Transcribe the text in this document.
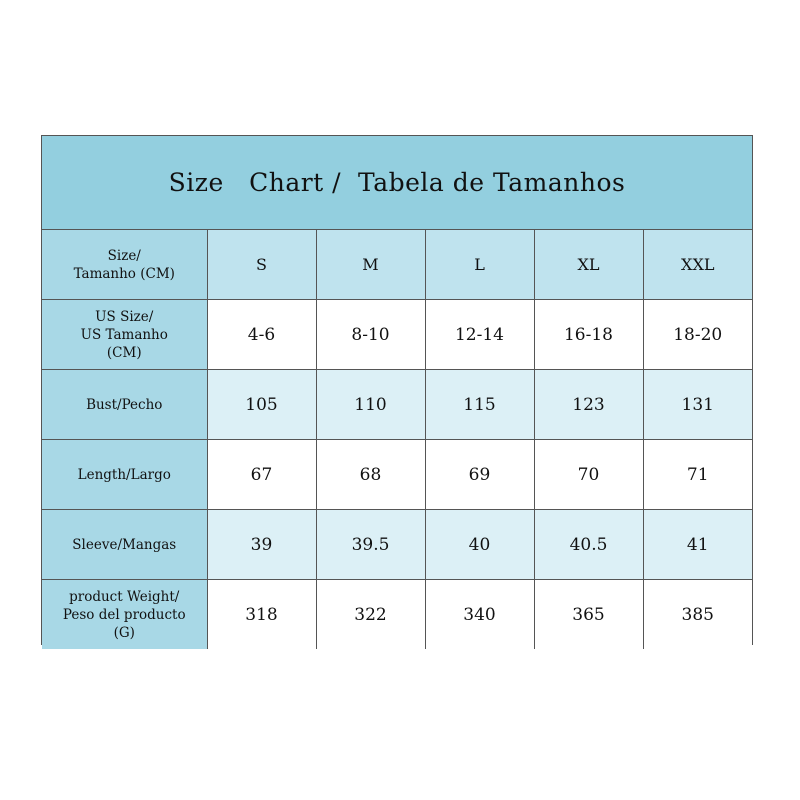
Size   Chart /  Tabela de Tamanhos
Size/
Tamanho (CM)	S	M	L	XL	XXL
US Size/
US Tamanho
(CM)	4-6	8-10	12-14	16-18	18-20
Bust/Pecho	105	110	115	123	131
Length/Largo	67	68	69	70	71
Sleeve/Mangas	39	39.5	40	40.5	41
product Weight/
Peso del producto
(G)	318	322	340	365	385
